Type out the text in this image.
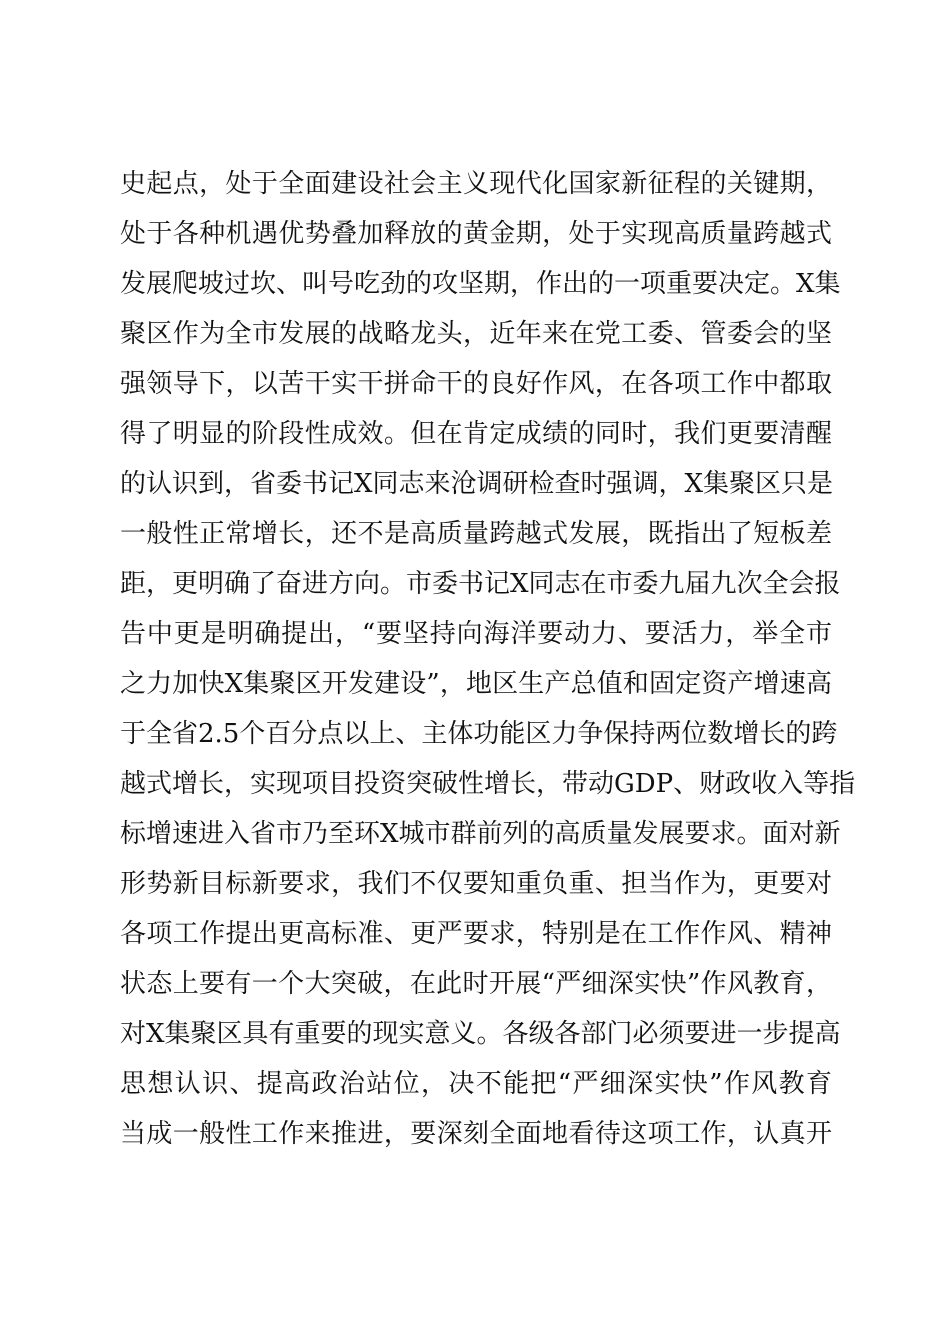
史起点，处于全面建设社会主义现代化国家新征程的关键期，
处于各种机遇优势叠加释放的黄金期，处于实现高质量跨越式
发展爬坡过坎、叫号吃劲的攻坚期，作出的一项重要决定。X集
聚区作为全市发展的战略龙头，近年来在党工委、管委会的坚
强领导下，以苦干实干拼命干的良好作风，在各项工作中都取
得了明显的阶段性成效。但在肯定成绩的同时，我们更要清醒
的认识到，省委书记X同志来沧调研检查时强调，X集聚区只是
一般性正常增长，还不是高质量跨越式发展，既指出了短板差
距，更明确了奋进方向。市委书记X同志在市委九届九次全会报
告中更是明确提出，“要坚持向海洋要动力、要活力，举全市
之力加快X集聚区开发建设”，地区生产总值和固定资产增速高
于全省2.5个百分点以上、主体功能区力争保持两位数增长的跨
越式增长，实现项目投资突破性增长，带动GDP、财政收入等指
标增速进入省市乃至环X城市群前列的高质量发展要求。面对新
形势新目标新要求，我们不仅要知重负重、担当作为，更要对
各项工作提出更高标准、更严要求，特别是在工作作风、精神
状态上要有一个大突破，在此时开展“严细深实快”作风教育，
对X集聚区具有重要的现实意义。各级各部门必须要进一步提高
思想认识、提高政治站位，决不能把“严细深实快”作风教育
当成一般性工作来推进，要深刻全面地看待这项工作，认真开
